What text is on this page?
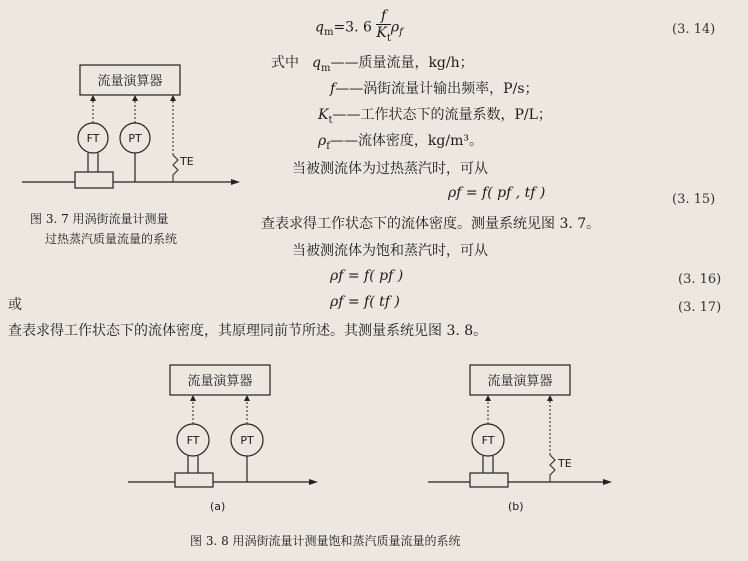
$q_m=3$. $6 \frac{f}{K_t} \rho_f$	(3. 14)
式中 $q_m——$质量流量，kg/h；
f——涡街流量计输出频率，P/s；
$K_t——$工作状态下的流量系数，P/L；
$\rho_f——$流体密度，kg/m³。
当被测流体为过热蒸汽时，可从
ρf = f( pf , tf )	(3. 15)
查表求得工作状态下的流体密度。测量系统见图 3. 7。
当被测流体为饱和蒸汽时，可从
ρf = f( pf )	(3. 16)
或	ρf = f( tf )	(3. 17)
查表求得工作状态下的流体密度，其原理同前节所述。其测量系统见图 3. 8。
流量演算器
FT	PT
TE
图 3. 7 用涡街流量计测量
过热蒸汽质量流量的系统
流量演算器
FT	PT
(a)
流量演算器
FT
TE
(b)
图 3. 8 用涡街流量计测量饱和蒸汽质量流量的系统
